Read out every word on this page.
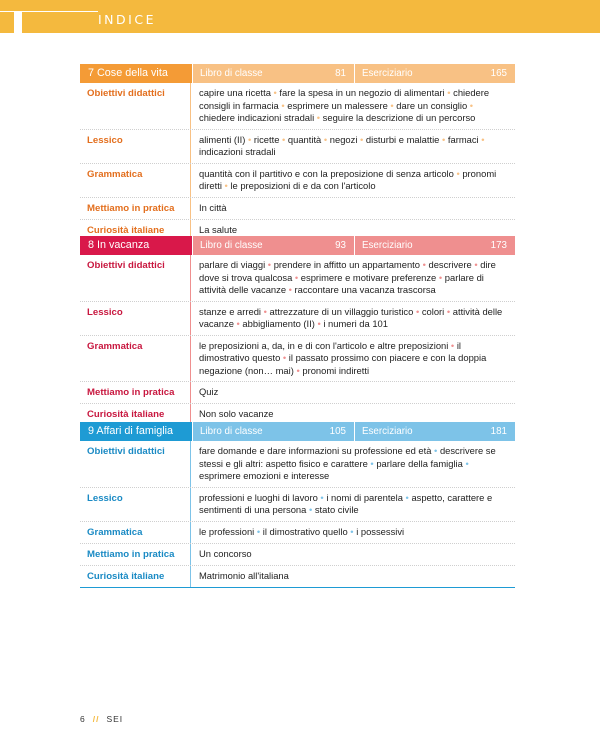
INDICE
7 Cose della vita	Libro di classe	81	Eserciziario	165
Obiettivi didattici	capire una ricetta • fare la spesa in un negozio di alimentari • chiedere consigli in farmacia • esprimere un malessere • dare un consiglio • chiedere indicazioni stradali • seguire la descrizione di un percorso
Lessico	alimenti (II) • ricette • quantità • negozi • disturbi e malattie • farmaci • indicazioni stradali
Grammatica	quantità con il partitivo e con la preposizione di senza articolo • pronomi diretti • le preposizioni di e da con l'articolo
Mettiamo in pratica	In città
Curiosità italiane	La salute
8 In vacanza	Libro di classe	93	Eserciziario	173
Obiettivi didattici	parlare di viaggi • prendere in affitto un appartamento • descrivere • dire dove si trova qualcosa • esprimere e motivare preferenze • parlare di attività delle vacanze • raccontare una vacanza trascorsa
Lessico	stanze e arredi • attrezzature di un villaggio turistico • colori • attività delle vacanze • abbigliamento (II) • i numeri da 101
Grammatica	le preposizioni a, da, in e di con l'articolo e altre preposizioni • il dimostrativo questo • il passato prossimo con piacere e con la doppia negazione (non… mai) • pronomi indiretti
Mettiamo in pratica	Quiz
Curiosità italiane	Non solo vacanze
9 Affari di famiglia	Libro di classe	105	Eserciziario	181
Obiettivi didattici	fare domande e dare informazioni su professione ed età • descrivere se stessi e gli altri: aspetto fisico e carattere • parlare della famiglia • esprimere emozioni e interesse
Lessico	professioni e luoghi di lavoro • i nomi di parentela • aspetto, carattere e sentimenti di una persona • stato civile
Grammatica	le professioni • il dimostrativo quello • i possessivi
Mettiamo in pratica	Un concorso
Curiosità italiane	Matrimonio all'italiana
6 // SEI
